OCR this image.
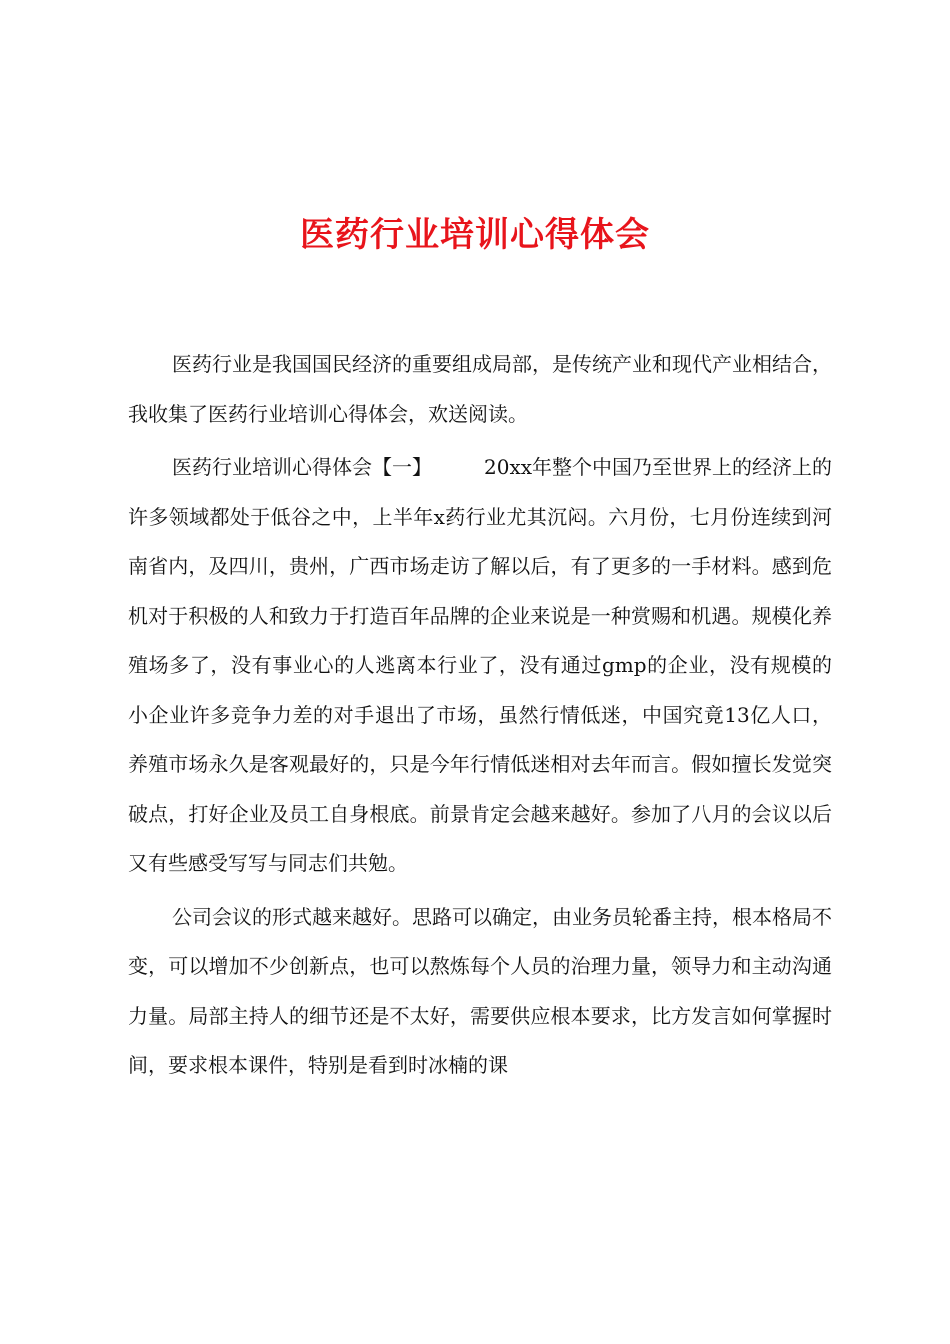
医药行业培训心得体会

医药行业是我国国民经济的重要组成局部，是传统产业和现代产业相结合，我收集了医药行业培训心得体会，欢送阅读。

医药行业培训心得体会【一】	20xx年整个中国乃至世界上的经济上的许多领域都处于低谷之中，上半年x药行业尤其沉闷。六月份，七月份连续到河南省内，及四川，贵州，广西市场走访了解以后，有了更多的一手材料。感到危机对于积极的人和致力于打造百年品牌的企业来说是一种赏赐和机遇。规模化养殖场多了，没有事业心的人逃离本行业了，没有通过gmp的企业，没有规模的小企业许多竞争力差的对手退出了市场，虽然行情低迷，中国究竟13亿人口，养殖市场永久是客观最好的，只是今年行情低迷相对去年而言。假如擅长发觉突破点，打好企业及员工自身根底。前景肯定会越来越好。参加了八月的会议以后又有些感受写写与同志们共勉。

公司会议的形式越来越好。思路可以确定，由业务员轮番主持，根本格局不变，可以增加不少创新点，也可以熬炼每个人员的治理力量，领导力和主动沟通力量。局部主持人的细节还是不太好，需要供应根本要求，比方发言如何掌握时间，要求根本课件，特别是看到时冰楠的课
